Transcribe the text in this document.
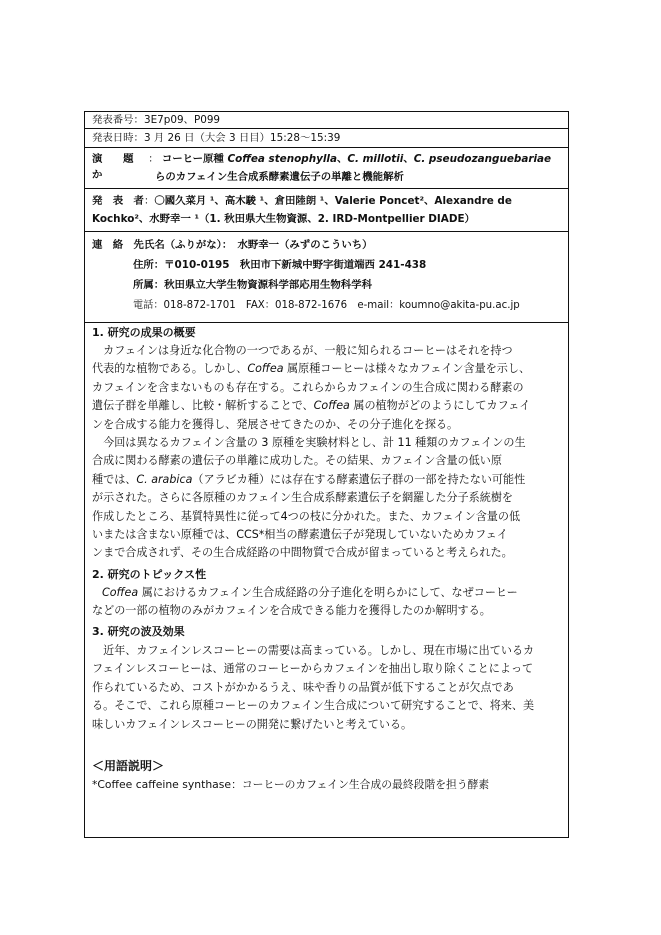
発表番号：3E7p09、P099
発表日時：3 月 26 日（大会 3 日目）15:28～15:39
演　　題 ： コーヒー原種 Coffea stenophylla、C. millotii、C. pseudozanguebariae か	らのカフェイン生合成系酵素遺伝子の単離と機能解析
発　表　者：〇國久菜月 ¹、高木駿 ¹、倉田陸朗 ¹、Valerie Poncet²、Alexandre de
Kochko²、水野幸一 ¹（1. 秋田県大生物資源、2. IRD-Montpellier DIADE）
連　絡　先氏名（ふりがな）：　水野幸一（みずのこういち）
住所：〒010-0195　秋田市下新城中野字街道端西 241-438
所属：秋田県立大学生物資源科学部応用生物科学科
電話：018-872-1701　FAX：018-872-1676　e-mail：koumno@akita-pu.ac.jp
1. 研究の成果の概要
　カフェインは身近な化合物の一つであるが、一般に知られるコーヒーはそれを持つ
代表的な植物である。しかし、Coffea 属原種コーヒーは様々なカフェイン含量を示し、
カフェインを含まないものも存在する。これらからカフェインの生合成に関わる酵素の
遺伝子群を単離し、比較・解析することで、Coffea 属の植物がどのようにしてカフェイ
ンを合成する能力を獲得し、発展させてきたのか、その分子進化を探る。
　今回は異なるカフェイン含量の 3 原種を実験材料とし、計 11 種類のカフェインの生
合成に関わる酵素の遺伝子の単離に成功した。その結果、カフェイン含量の低い原
種では、C. arabica（アラビカ種）には存在する酵素遺伝子群の一部を持たない可能性
が示された。さらに各原種のカフェイン生合成系酵素遺伝子を網羅した分子系統樹を
作成したところ、基質特異性に従って4つの枝に分かれた。また、カフェイン含量の低
いまたは含まない原種では、CCS*相当の酵素遺伝子が発現していないためカフェイ
ンまで合成されず、その生合成経路の中間物質で合成が留まっていると考えられた。
2. 研究のトピックス性
Coffea 属におけるカフェイン生合成経路の分子進化を明らかにして、なぜコーヒー
などの一部の植物のみがカフェインを合成できる能力を獲得したのか解明する。
3. 研究の波及効果
　近年、カフェインレスコーヒーの需要は高まっている。しかし、現在市場に出ているカ
フェインレスコーヒーは、通常のコーヒーからカフェインを抽出し取り除くことによって
作られているため、コストがかかるうえ、味や香りの品質が低下することが欠点であ
る。そこで、これら原種コーヒーのカフェイン生合成について研究することで、将来、美
味しいカフェインレスコーヒーの開発に繋げたいと考えている。
＜用語説明＞
*Coffee caffeine synthase：コーヒーのカフェイン生合成の最終段階を担う酵素
